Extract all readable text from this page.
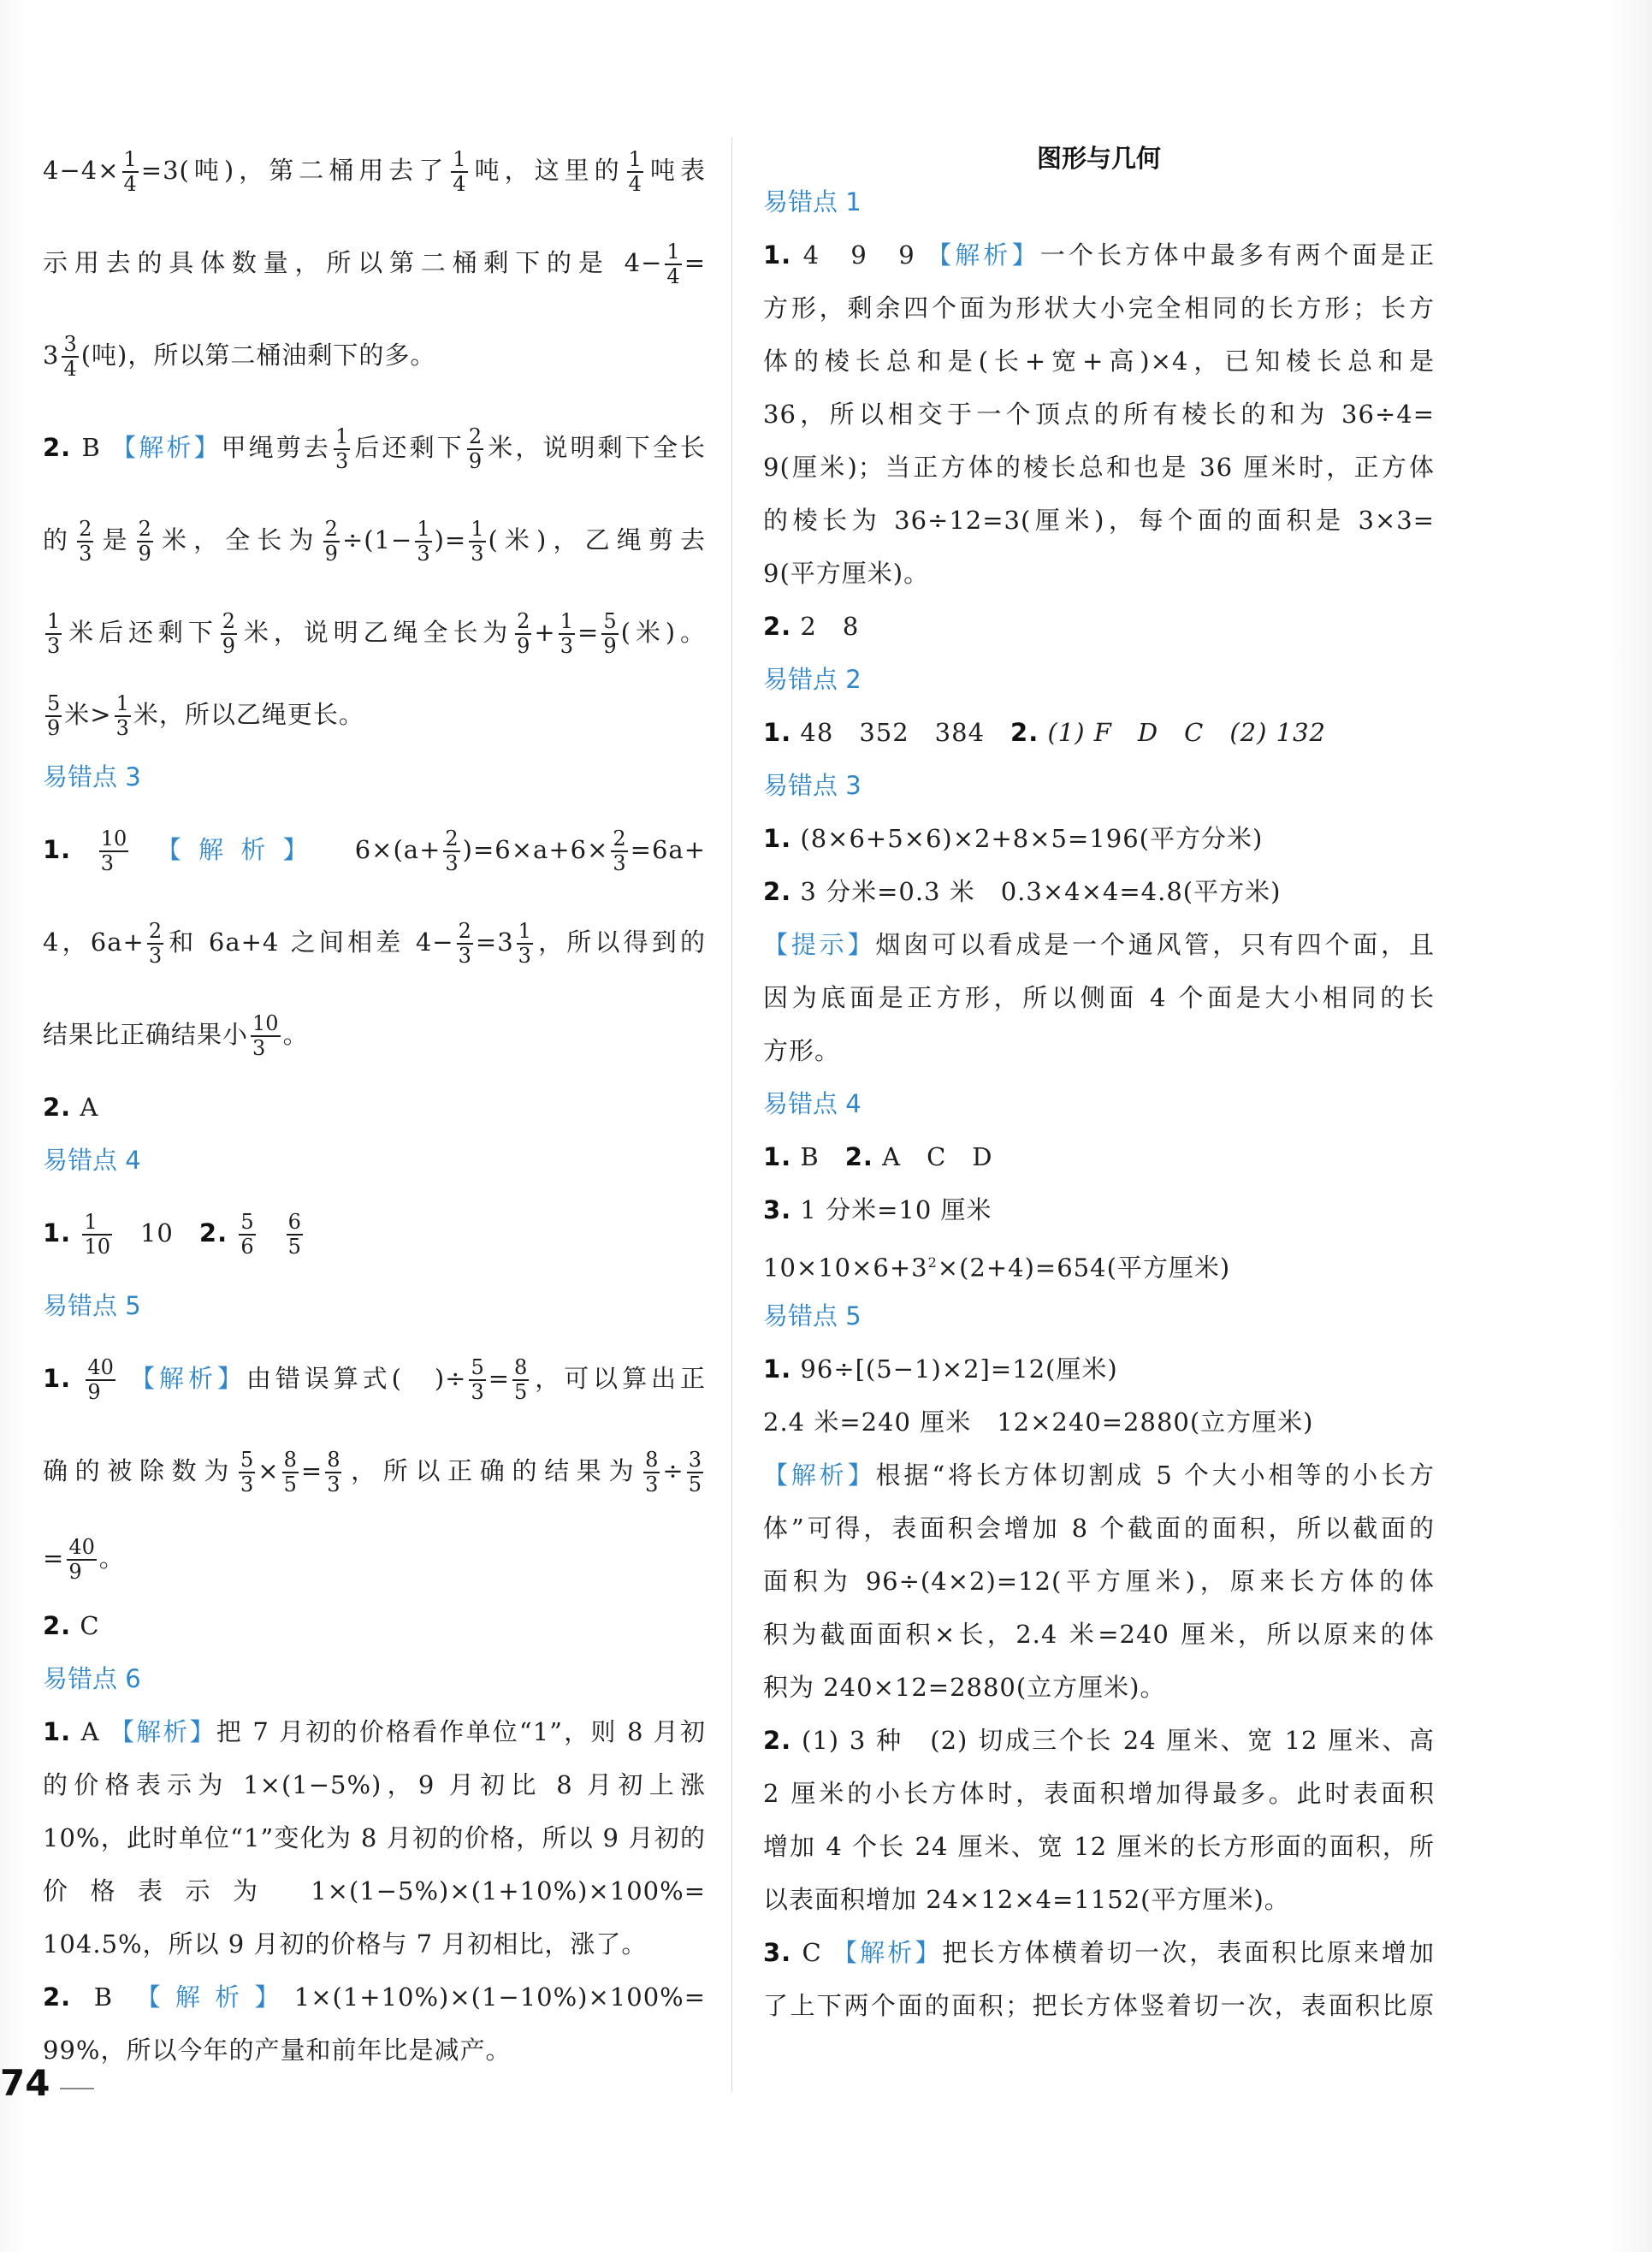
$4-4\times \frac{1}{4} =3$(吨)，第二桶用去了 $\frac{1}{4}$ 吨，这里的 $\frac{1}{4}$ 吨表
示用去的具体数量，所以第二桶剩下的是 $4- \frac{1}{4}$ =
$3 \frac{3}{4}$ (吨)，所以第二桶油剩下的多。
2. B 【解析】甲绳剪去 $\frac{1}{3}$ 后还剩下 $\frac{2}{9}$ 米，说明剩下全长
的 $\frac{2}{3}$ 是 $\frac{2}{9}$ 米，全长为 $\frac{2}{9} \div(1- \frac{1}{3}$ )= $\frac{1}{3}$ (米)，乙绳剪去
$\frac{1}{3}$ 米后还剩下 $\frac{2}{9}$ 米，说明乙绳全长为 $\frac{2}{9} + \frac{1}{3} = \frac{5}{9}$ (米)。
$\frac{5}{9}$ 米> $\frac{1}{3}$ 米，所以乙绳更长。
易错点 3
1. $\frac{10}{3}$ 【解析】　 $6\times(a+ \frac{2}{3} )=6\times a+6\times \frac{2}{3} =6a+$
4，$6a+ \frac{2}{3}$ 和 6a+4 之间相差 $4- \frac{2}{3} =3 \frac{1}{3}$ ，所以得到的
结果比正确结果小 $\frac{10}{3}$ 。
2. A
易错点 4
1. $\frac{1}{10}$
　 10　 2. $\frac{5}{6}$
　 $\frac{6}{5}$
易错点 5
1. $\frac{40}{9}$ 【解析】由错误算式(　)÷ $\frac{5}{3} = \frac{8}{5}$ ，可以算出正
确的被除数为 $\frac{5}{3} \times \frac{8}{5} = \frac{8}{3}$ ，所以正确的结果为 $\frac{8}{3} \div \frac{3}{5}$
= $\frac{40}{9}$ 。
2. C
易错点 6
1. A 【解析】把 7 月初的价格看作单位“1”，则 8 月初
的价格表示为 1×(1−5%)，9 月初比 8 月初上涨
10%，此时单位“1”变化为 8 月初的价格，所以 9 月初的
价格表示为 1×(1−5%)×(1+10%)×100%=
104.5%，所以 9 月初的价格与 7 月初相比，涨了。
2. B 【解析】1×(1+10%)×(1−10%)×100%=
99%，所以今年的产量和前年比是减产。
图形与几何
易错点 1
1. 4　9　9 【解析】一个长方体中最多有两个面是正
方形，剩余四个面为形状大小完全相同的长方形；长方
体的棱长总和是(长+宽+高)×4，已知棱长总和是
36，所以相交于一个顶点的所有棱长的和为 36÷4=
9(厘米)；当正方体的棱长总和也是 36 厘米时，正方体
的棱长为 36÷12=3(厘米)，每个面的面积是 3×3=
9(平方厘米)。
2. 2　8
易错点 2
1. 48　352　384　 2. (1) F　D　C　(2) 132
易错点 3
1. (8×6+5×6)×2+8×5=196(平方分米)
2. 3 分米=0.3 米　0.3×4×4=4.8(平方米)
【提示】烟囱可以看成是一个通风管，只有四个面，且
因为底面是正方形，所以侧面 4 个面是大小相同的长
方形。
易错点 4
1. B　 2. A　C　D
3. 1 分米=10 厘米
$10\times 10\times 6+3^2\times(2+4)=654$(平方厘米)
易错点 5
1. 96÷[(5−1)×2]=12(厘米)
2.4 米=240 厘米　12×240=2880(立方厘米)
【解析】根据“将长方体切割成 5 个大小相等的小长方
体”可得，表面积会增加 8 个截面的面积，所以截面的
面积为 96÷(4×2)=12(平方厘米)，原来长方体的体
积为截面面积×长，2.4 米=240 厘米，所以原来的体
积为 240×12=2880(立方厘米)。
2. (1) 3 种　(2) 切成三个长 24 厘米、宽 12 厘米、高
2 厘米的小长方体时，表面积增加得最多。此时表面积
增加 4 个长 24 厘米、宽 12 厘米的长方形面的面积，所
以表面积增加 24×12×4=1152(平方厘米)。
3. C 【解析】把长方体横着切一次，表面积比原来增加
了上下两个面的面积；把长方体竖着切一次，表面积比原
74
